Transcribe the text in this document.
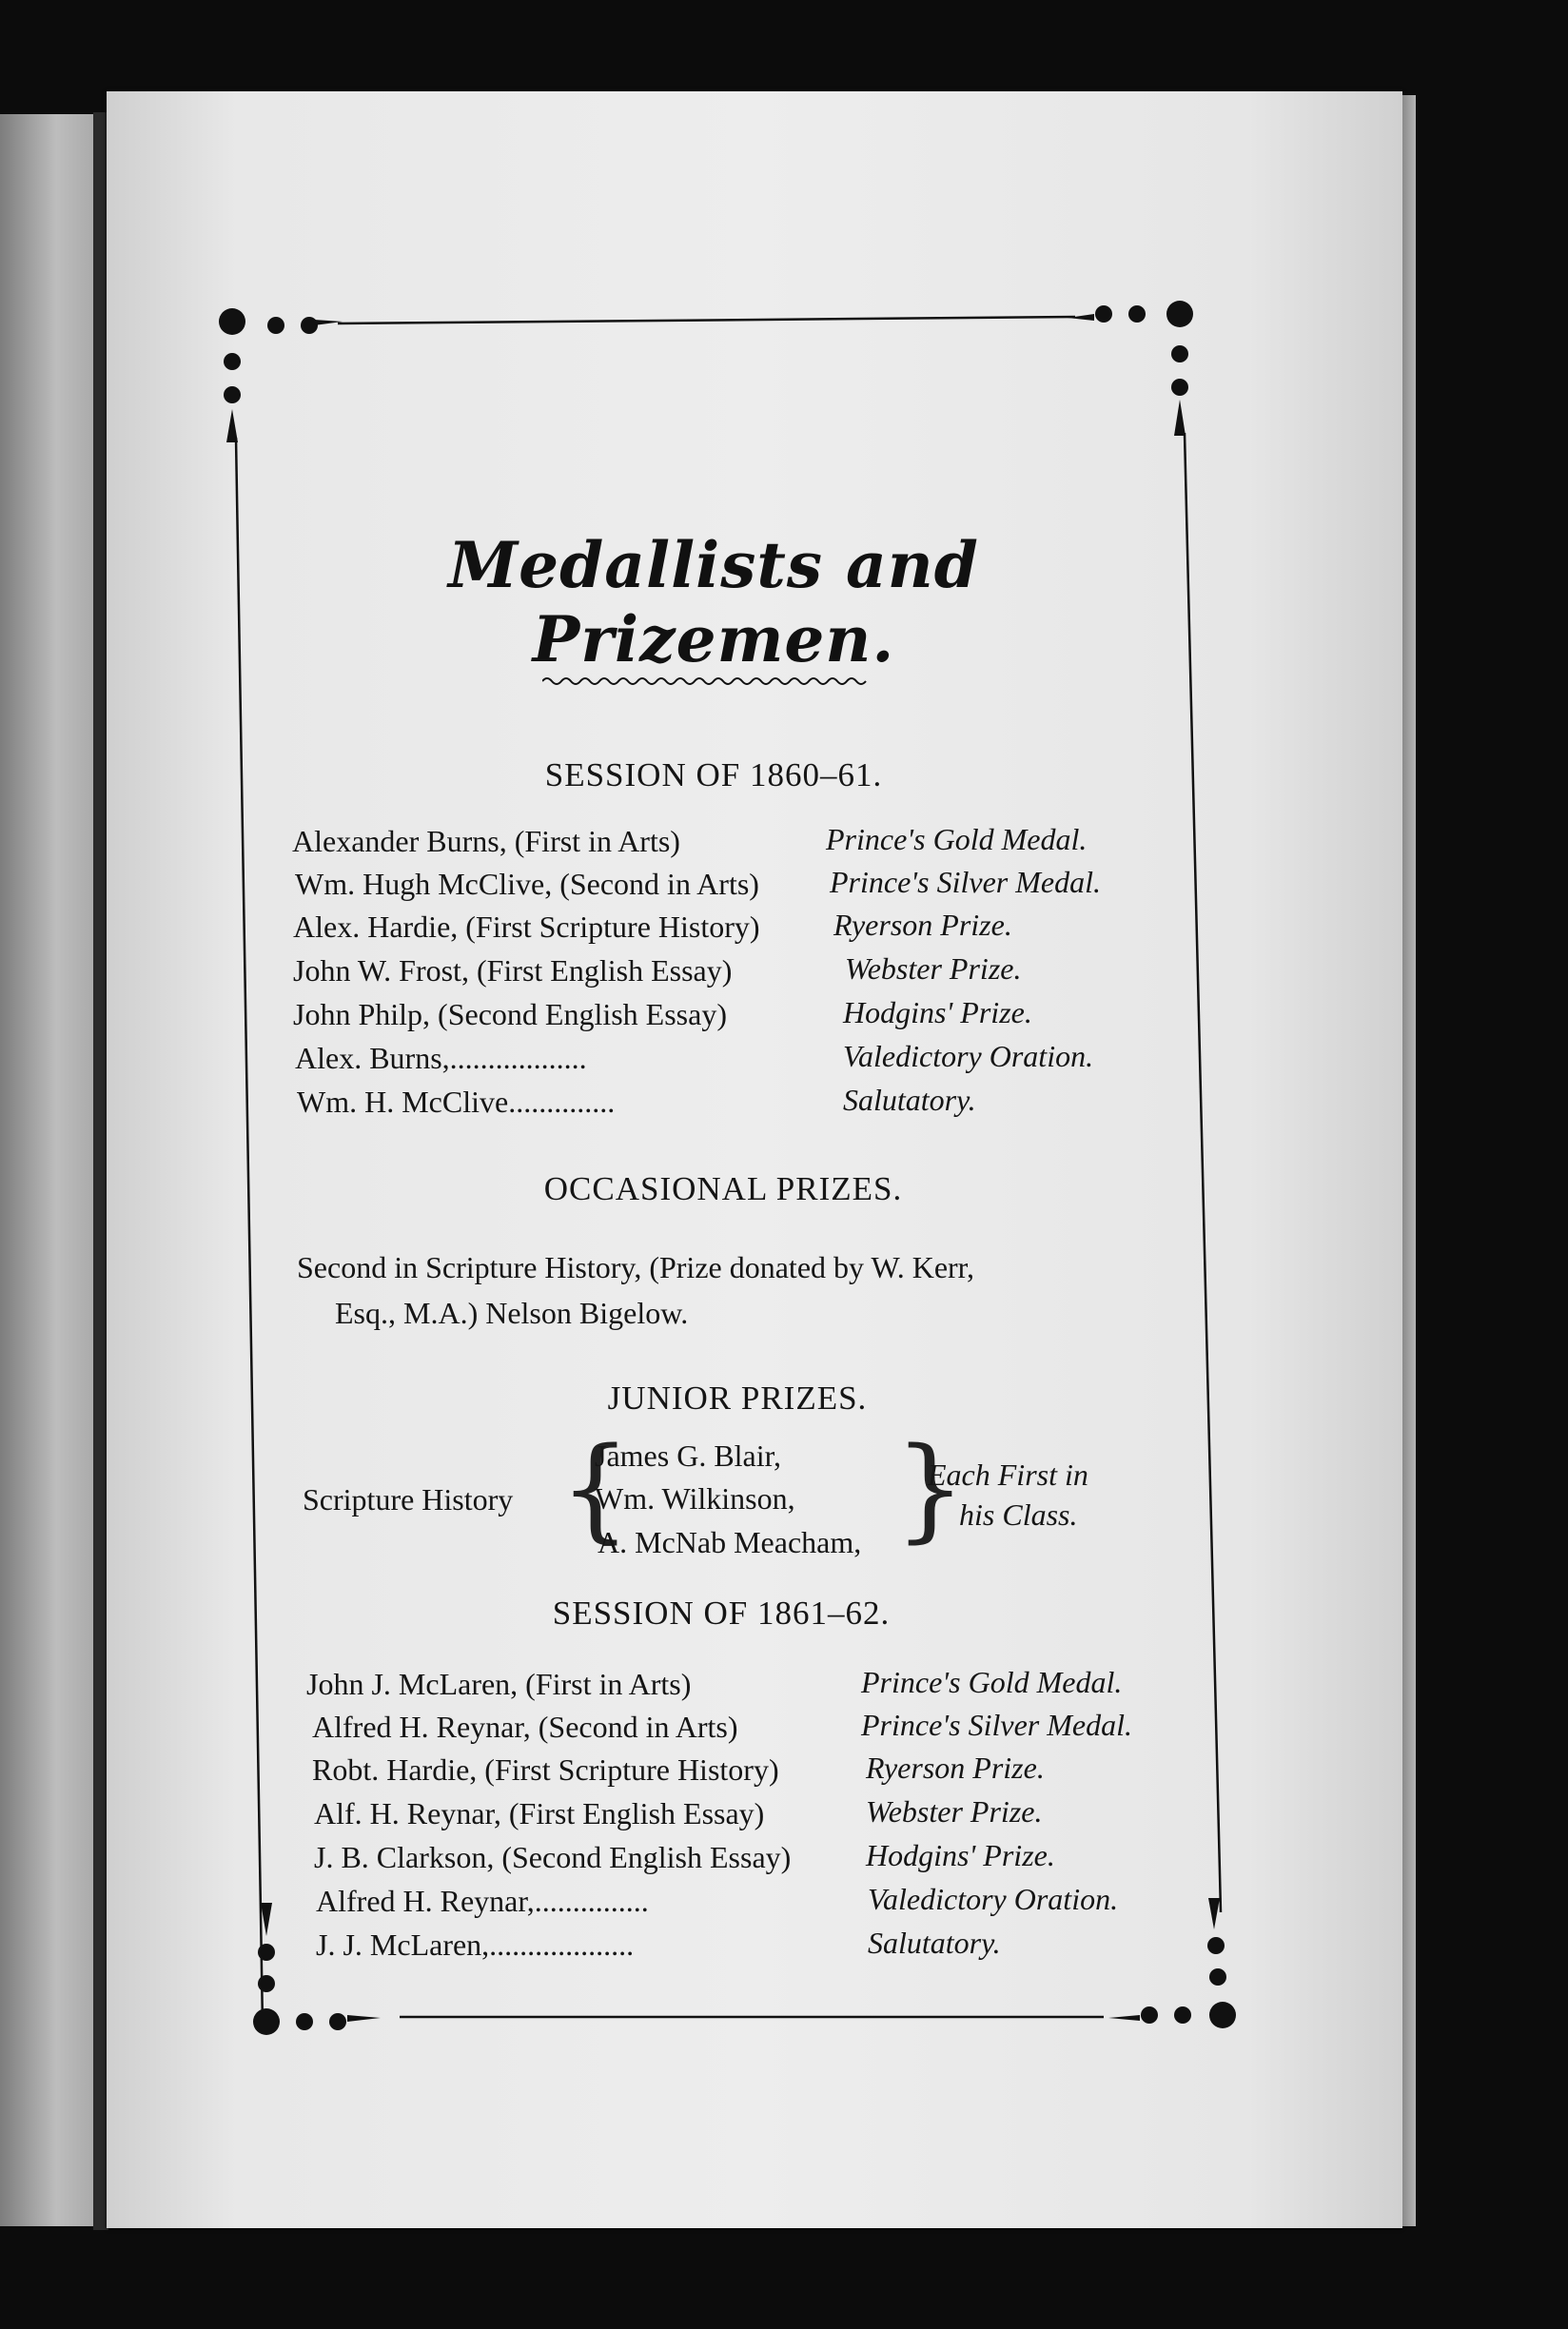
Medallists and Prizemen.
SESSION OF 1860–61.
Alexander Burns, (First in Arts)	Prince's Gold Medal.
Wm. Hugh McClive, (Second in Arts) Prince's Silver Medal.
Alex. Hardie, (First Scripture History) Ryerson Prize.
John W. Frost, (First English Essay)	Webster Prize.
John Philp, (Second English Essay)	Hodgins' Prize.
Alex. Burns,..................	Valedictory Oration.
Wm. H. McClive..............	Salutatory.
OCCASIONAL PRIZES.
Second in Scripture History, (Prize donated by W. Kerr,
Esq., M.A.) Nelson Bigelow.
JUNIOR PRIZES.
Scripture History {
James G. Blair,
Wm. Wilkinson,
A. McNab Meacham, }
Each First in
his Class.
SESSION OF 1861–62.
John J. McLaren, (First in Arts)	Prince's Gold Medal.
Alfred H. Reynar, (Second in Arts)	Prince's Silver Medal.
Robt. Hardie, (First Scripture History)	Ryerson Prize.
Alf. H. Reynar, (First English Essay)	Webster Prize.
J. B. Clarkson, (Second English Essay) Hodgins' Prize.
Alfred H. Reynar,...............	Valedictory Oration.
J. J. McLaren,...................	Salutatory.
